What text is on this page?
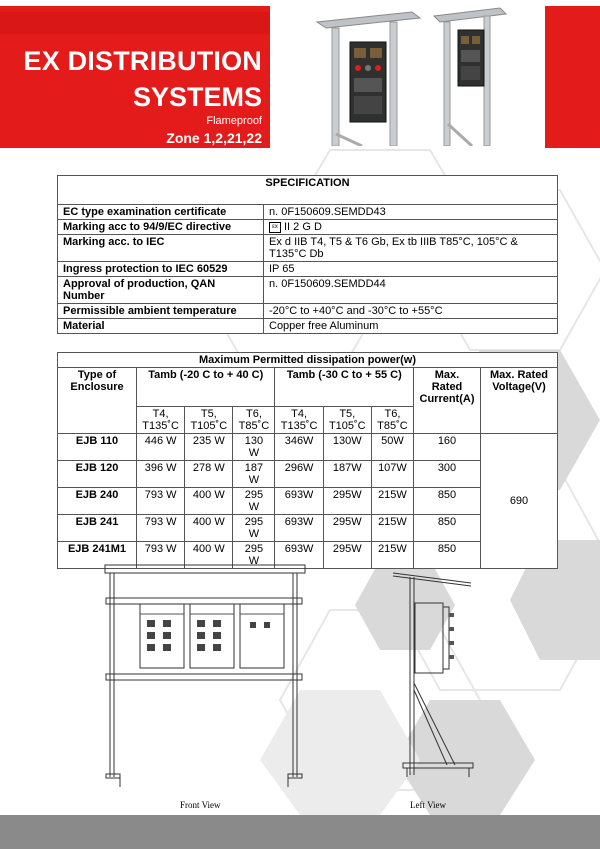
EX DISTRIBUTION
SYSTEMS
Flameproof
Zone 1,2,21,22
SPECIFICATION	
EC type examination certificate	n. 0F150609.SEMDD43
Marking acc to 94/9/EC directive	εx II 2 G D
Marking acc. to IEC	Ex d IIB T4, T5 & T6 Gb, Ex tb IIIB T85°C, 105°C & T135°C Db
Ingress protection to IEC 60529	IP 65
Approval of production, QAN Number	n. 0F150609.SEMDD44
Permissible ambient temperature	-20°C to +40°C and -30°C to +55°C
Material	Copper free Aluminum
Maximum Permitted dissipation power(w)								
Type of Enclosure	Tamb (-20 C to + 40 C)			Tamb (-30 C to + 55 C)			Max. Rated Current(A)	Max. Rated Voltage(V)
	T4, T135˚C	T5, T105˚C	T6, T85˚C	T4, T135˚C	T5, T105˚C	T6, T85˚C		
EJB 110	446 W	235 W	130 W	346W	130W	50W	160	690
EJB 120	396 W	278 W	187 W	296W	187W	107W	300	
EJB 240	793 W	400 W	295 W	693W	295W	215W	850	
EJB 241	793 W	400 W	295 W	693W	295W	215W	850	
EJB 241M1	793 W	400 W	295 W	693W	295W	215W	850	
Front View	Left View
